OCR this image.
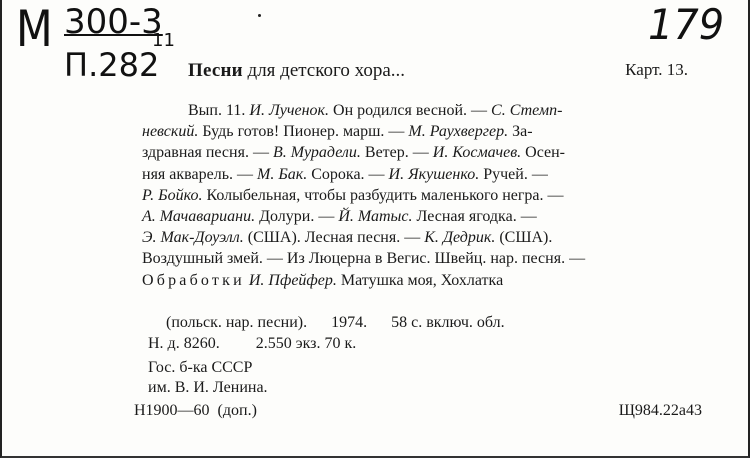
М 300-3
П.282
11	179
Песни для детского хора...	Карт. 13.
Вып. 11. И. Лученок. Он родился весной. — С. Стемп-
невский. Будь готов! Пионер. марш. — М. Раухвергер. За-
здравная песня. — В. Мурадели. Ветер. — И. Космачев. Осен-
няя акварель. — М. Бак. Сорока. — И. Якушенко. Ручей. —
Р. Бойко. Колыбельная, чтобы разбудить маленького негра. —
А. Мачавариани. Долури. — Й. Матыс. Лесная ягодка. —
Э. Мак-Доуэлл. (США). Лесная песня. — К. Дедрик. (США).
Воздушный змей. — Из Люцерна в Вегис. Швейц. нар. песня. —
Обработки И. Пфейфер. Матушка моя, Хохлатка

(польск. нар. песни).      1974.      58 с. включ. обл.

Н. д. 8260. 2.550 экз. 70 к.
Гос. б-ка СССР
им. В. И. Ленина.
Н1900—60  (доп.)	Щ984.22а43
